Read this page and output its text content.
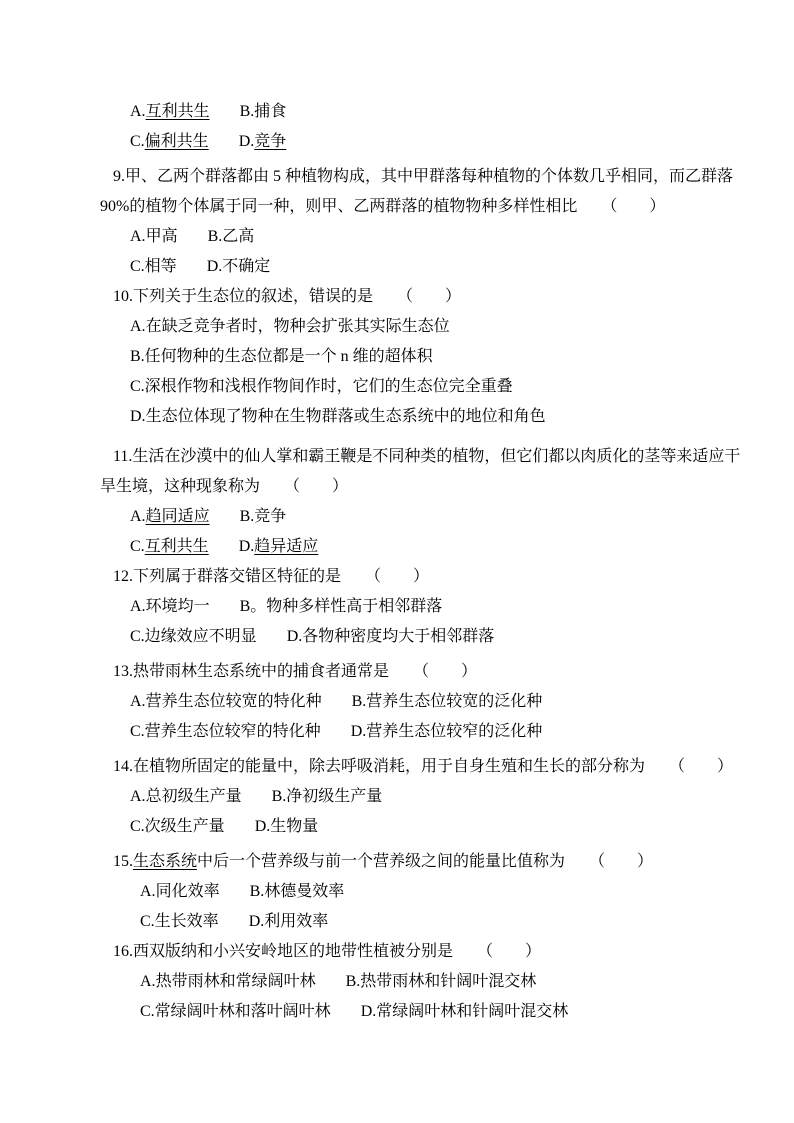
A.互利共生 B.捕食
C.偏利共生 D.竞争
9.甲、乙两个群落都由 5 种植物构成，其中甲群落每种植物的个体数几乎相同，而乙群落
90%的植物个体属于同一种，则甲、乙两群落的植物物种多样性相比　　（　　）
A.甲高 B.乙高
C.相等 D.不确定
10.下列关于生态位的叙述，错误的是　　（　　）
A.在缺乏竞争者时，物种会扩张其实际生态位
B.任何物种的生态位都是一个 n 维的超体积
C.深根作物和浅根作物间作时，它们的生态位完全重叠
D.生态位体现了物种在生物群落或生态系统中的地位和角色
11.生活在沙漠中的仙人掌和霸王鞭是不同种类的植物，但它们都以肉质化的茎等来适应干
旱生境，这种现象称为　　（　　）
A.趋同适应 B.竞争
C.互利共生 D.趋异适应
12.下列属于群落交错区特征的是　　（　　）
A.环境均一 B。物种多样性高于相邻群落
C.边缘效应不明显 D.各物种密度均大于相邻群落
13.热带雨林生态系统中的捕食者通常是　　（　　）
A.营养生态位较宽的特化种 B.营养生态位较宽的泛化种
C.营养生态位较窄的特化种 D.营养生态位较窄的泛化种
14.在植物所固定的能量中，除去呼吸消耗，用于自身生殖和生长的部分称为　　（　　）
A.总初级生产量 B.净初级生产量
C.次级生产量 D.生物量
15.生态系统中后一个营养级与前一个营养级之间的能量比值称为　　（　　）
A.同化效率 B.林德曼效率
C.生长效率 D.利用效率
16.西双版纳和小兴安岭地区的地带性植被分别是　　（　　）
A.热带雨林和常绿阔叶林 B.热带雨林和针阔叶混交林
C.常绿阔叶林和落叶阔叶林 D.常绿阔叶林和针阔叶混交林
